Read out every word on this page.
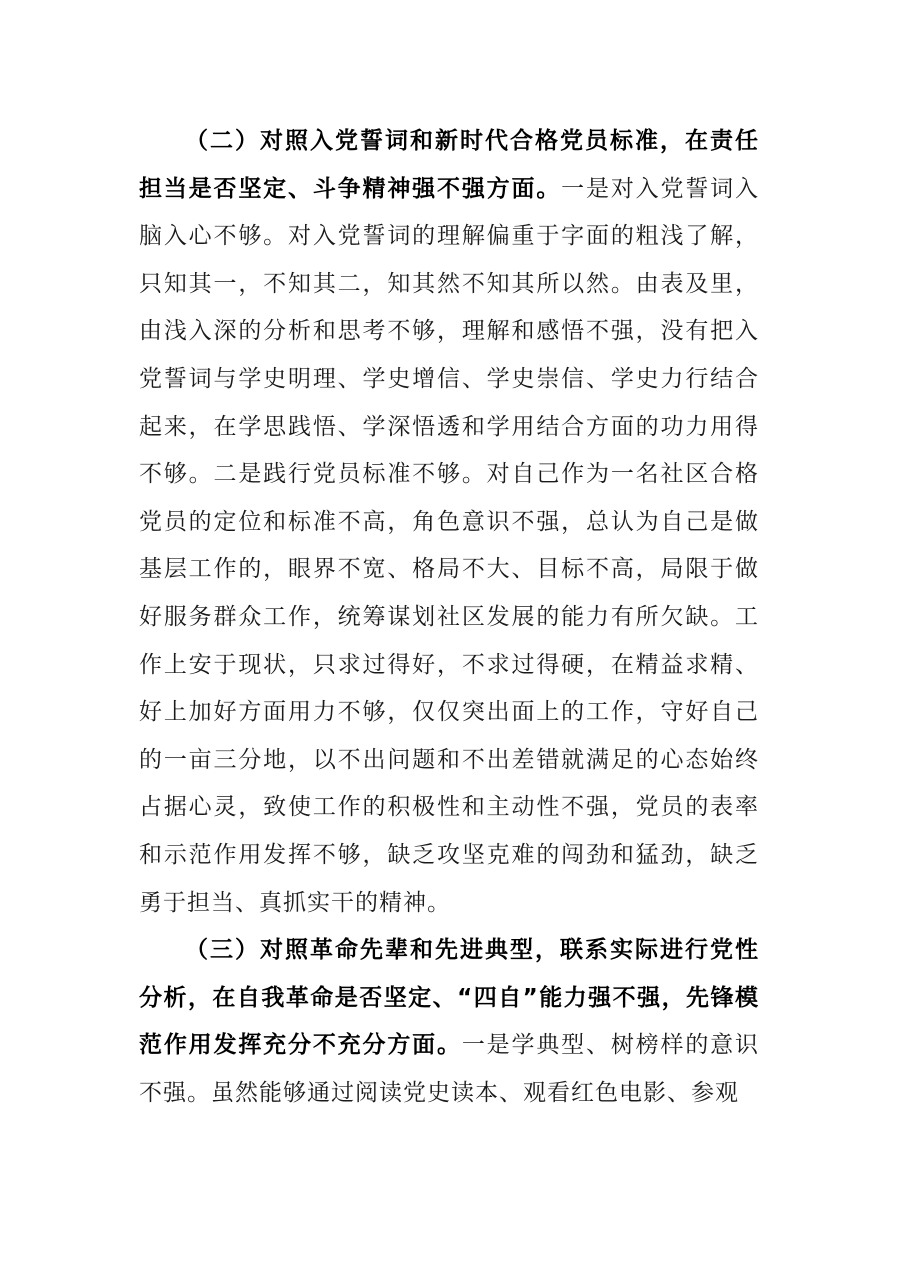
（二）对照入党誓词和新时代合格党员标准，在责任担当是否坚定、斗争精神强不强方面。一是对入党誓词入脑入心不够。对入党誓词的理解偏重于字面的粗浅了解，只知其一，不知其二，知其然不知其所以然。由表及里，由浅入深的分析和思考不够，理解和感悟不强，没有把入党誓词与学史明理、学史增信、学史崇信、学史力行结合起来，在学思践悟、学深悟透和学用结合方面的功力用得不够。二是践行党员标准不够。对自己作为一名社区合格党员的定位和标准不高，角色意识不强，总认为自己是做基层工作的，眼界不宽、格局不大、目标不高，局限于做好服务群众工作，统筹谋划社区发展的能力有所欠缺。工作上安于现状，只求过得好，不求过得硬，在精益求精、好上加好方面用力不够，仅仅突出面上的工作，守好自己的一亩三分地，以不出问题和不出差错就满足的心态始终占据心灵，致使工作的积极性和主动性不强，党员的表率和示范作用发挥不够，缺乏攻坚克难的闯劲和猛劲，缺乏勇于担当、真抓实干的精神。

（三）对照革命先辈和先进典型，联系实际进行党性分析，在自我革命是否坚定、“四自”能力强不强，先锋模范作用发挥充分不充分方面。一是学典型、树榜样的意识不强。虽然能够通过阅读党史读本、观看红色电影、参观
